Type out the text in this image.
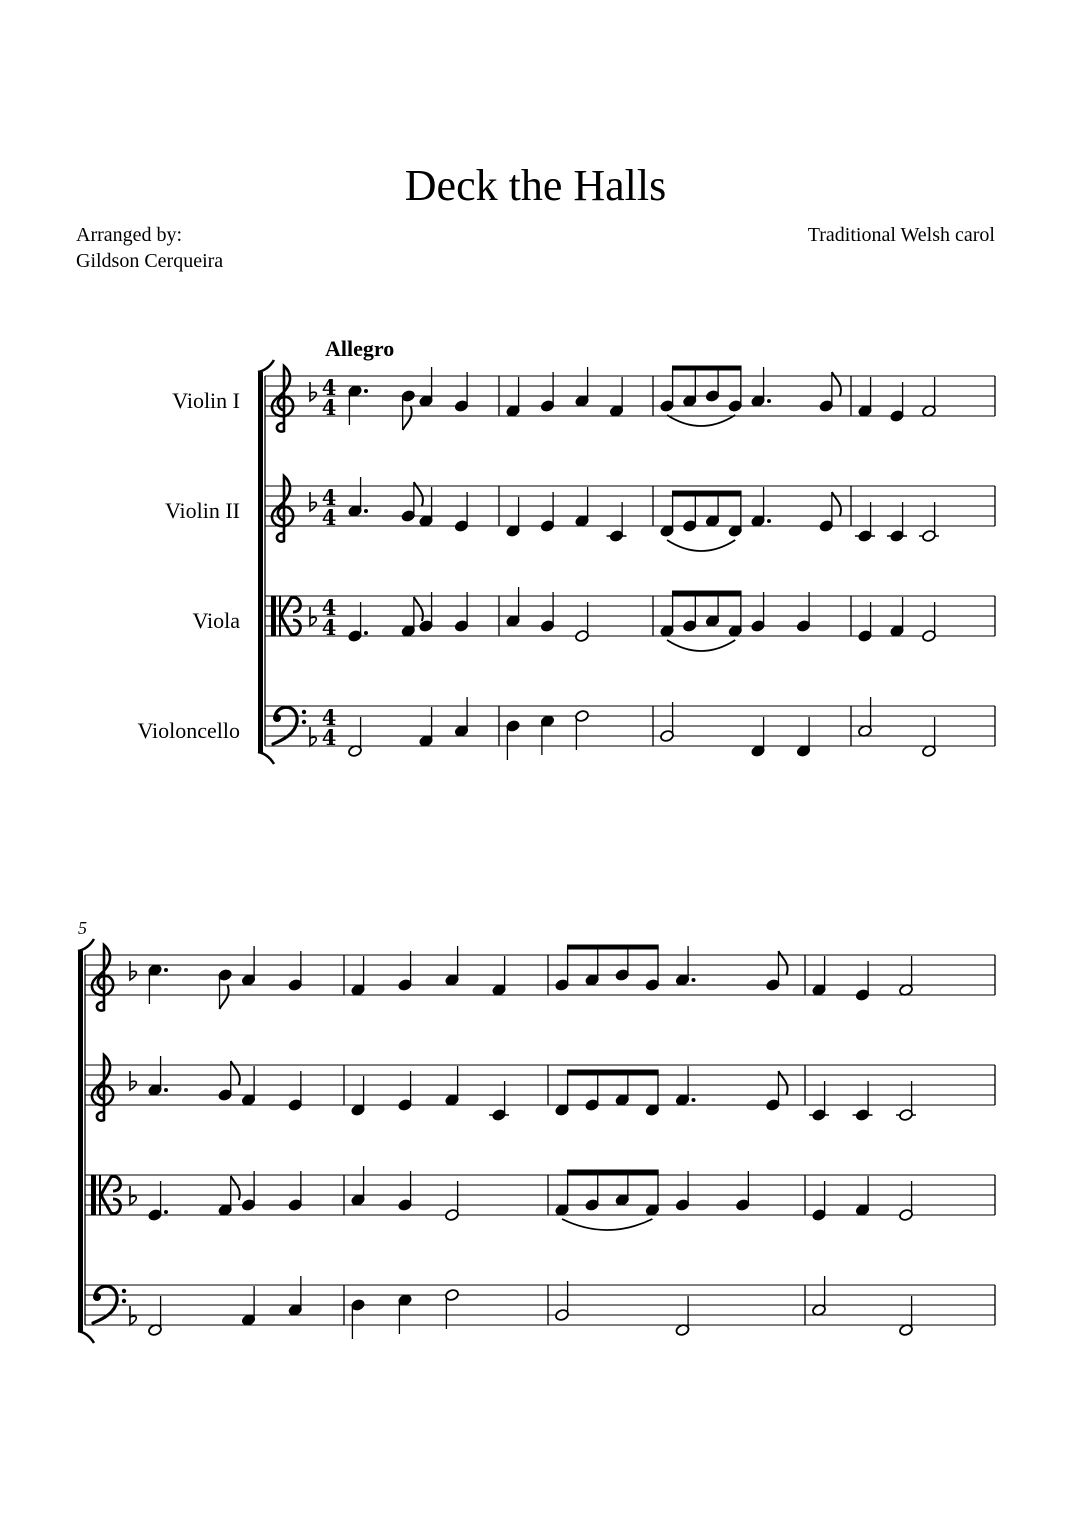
Deck the Halls
Arranged by:
Gildson Cerqueira
Traditional Welsh carol
Violin I
4
4
Violin II
4
4
Viola
4
4
Violoncello
4
4
Allegro
5
